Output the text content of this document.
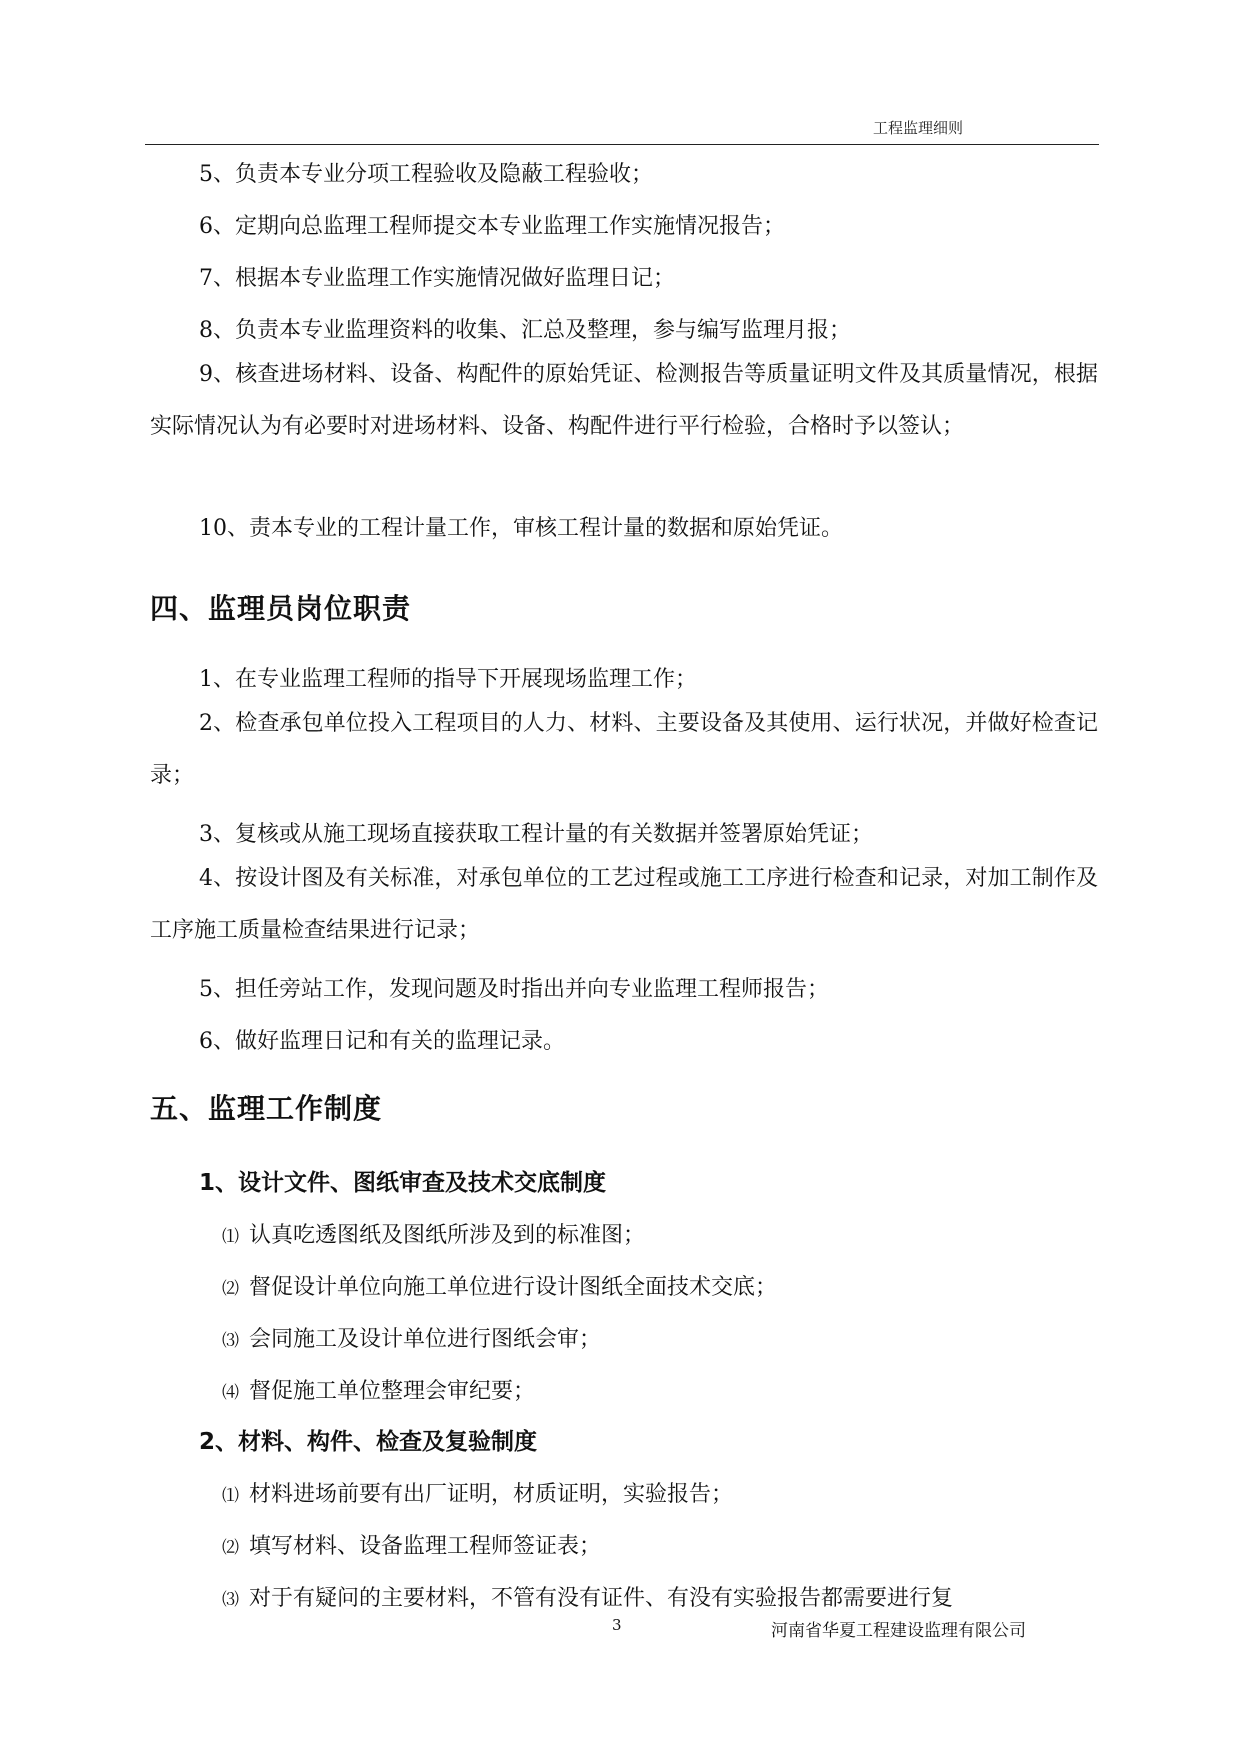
工程监理细则
5、负责本专业分项工程验收及隐蔽工程验收；
6、定期向总监理工程师提交本专业监理工作实施情况报告；
7、根据本专业监理工作实施情况做好监理日记；
8、负责本专业监理资料的收集、汇总及整理，参与编写监理月报；
9、核查进场材料、设备、构配件的原始凭证、检测报告等质量证明文件及其质量情况，根据实际情况认为有必要时对进场材料、设备、构配件进行平行检验，合格时予以签认；
10、责本专业的工程计量工作，审核工程计量的数据和原始凭证。
四、监理员岗位职责
1、在专业监理工程师的指导下开展现场监理工作；
2、检查承包单位投入工程项目的人力、材料、主要设备及其使用、运行状况，并做好检查记录；
3、复核或从施工现场直接获取工程计量的有关数据并签署原始凭证；
4、按设计图及有关标准，对承包单位的工艺过程或施工工序进行检查和记录，对加工制作及工序施工质量检查结果进行记录；
5、担任旁站工作，发现问题及时指出并向专业监理工程师报告；
6、做好监理日记和有关的监理记录。
五、监理工作制度
1、设计文件、图纸审查及技术交底制度
⑴ 认真吃透图纸及图纸所涉及到的标准图；
⑵ 督促设计单位向施工单位进行设计图纸全面技术交底；
⑶ 会同施工及设计单位进行图纸会审；
⑷ 督促施工单位整理会审纪要；
2、材料、构件、检查及复验制度
⑴ 材料进场前要有出厂证明，材质证明，实验报告；
⑵ 填写材料、设备监理工程师签证表；
⑶ 对于有疑问的主要材料，不管有没有证件、有没有实验报告都需要进行复
3	河南省华夏工程建设监理有限公司
